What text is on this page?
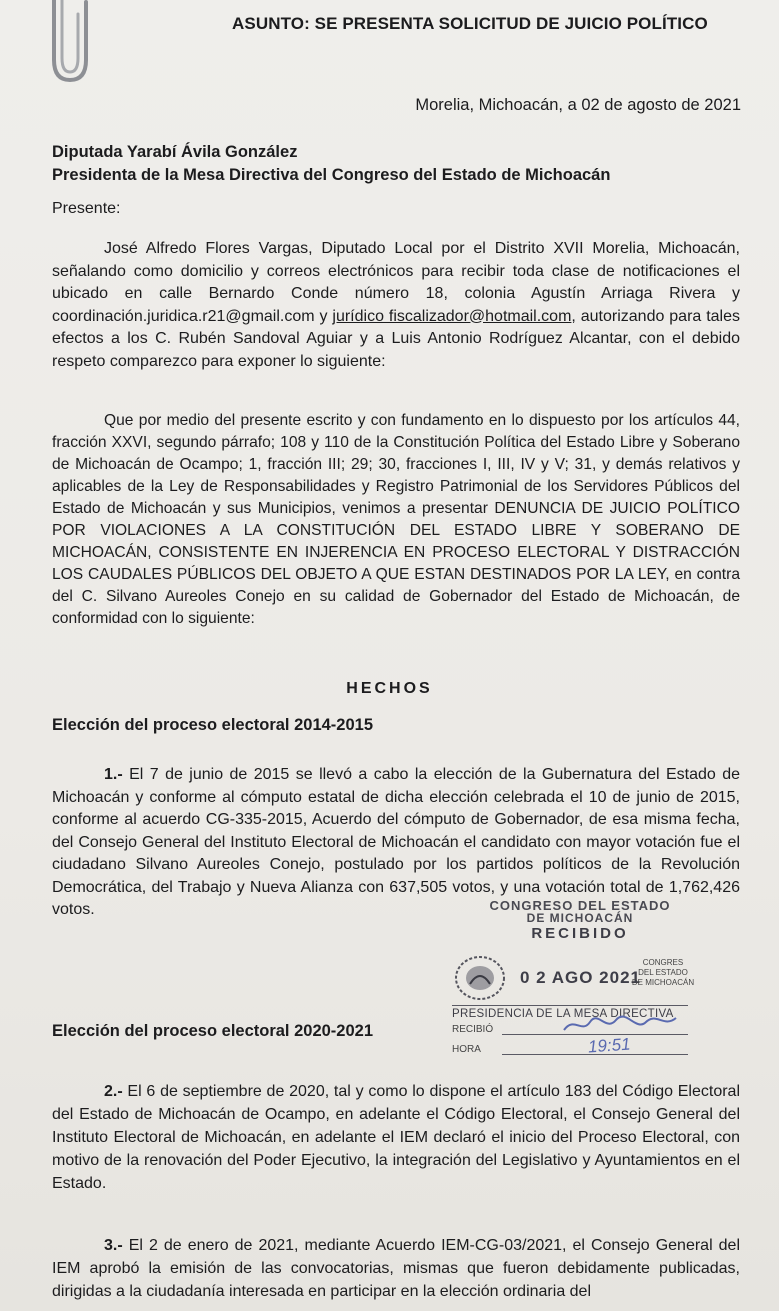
ASUNTO: SE PRESENTA SOLICITUD DE JUICIO POLÍTICO
Morelia, Michoacán, a 02 de agosto de 2021
Diputada Yarabí Ávila González
Presidenta de la Mesa Directiva del Congreso del Estado de Michoacán
Presente:
José Alfredo Flores Vargas, Diputado Local por el Distrito XVII Morelia, Michoacán, señalando como domicilio y correos electrónicos para recibir toda clase de notificaciones el ubicado en calle Bernardo Conde número 18, colonia Agustín Arriaga Rivera y coordinación.juridica.r21@gmail.com y jurídico fiscalizador@hotmail.com, autorizando para tales efectos a los C. Rubén Sandoval Aguiar y a Luis Antonio Rodríguez Alcantar, con el debido respeto comparezco para exponer lo siguiente:
Que por medio del presente escrito y con fundamento en lo dispuesto por los artículos 44, fracción XXVI, segundo párrafo; 108 y 110 de la Constitución Política del Estado Libre y Soberano de Michoacán de Ocampo; 1, fracción III; 29; 30, fracciones I, III, IV y V; 31, y demás relativos y aplicables de la Ley de Responsabilidades y Registro Patrimonial de los Servidores Públicos del Estado de Michoacán y sus Municipios, venimos a presentar DENUNCIA DE JUICIO POLÍTICO POR VIOLACIONES A LA CONSTITUCIÓN DEL ESTADO LIBRE Y SOBERANO DE MICHOACÁN, CONSISTENTE EN INJERENCIA EN PROCESO ELECTORAL Y DISTRACCIÓN LOS CAUDALES PÚBLICOS DEL OBJETO A QUE ESTAN DESTINADOS POR LA LEY, en contra del C. Silvano Aureoles Conejo en su calidad de Gobernador del Estado de Michoacán, de conformidad con lo siguiente:
HECHOS
Elección del proceso electoral 2014-2015
1.- El 7 de junio de 2015 se llevó a cabo la elección de la Gubernatura del Estado de Michoacán y conforme al cómputo estatal de dicha elección celebrada el 10 de junio de 2015, conforme al acuerdo CG-335-2015, Acuerdo del cómputo de Gobernador, de esa misma fecha, del Consejo General del Instituto Electoral de Michoacán el candidato con mayor votación fue el ciudadano Silvano Aureoles Conejo, postulado por los partidos políticos de la Revolución Democrática, del Trabajo y Nueva Alianza con 637,505 votos, y una votación total de 1,762,426 votos.	CONGRESO DEL ESTADO
DE MICHOACÁN
RECIBIDO
0 2 AGO 2021
CONGRES
DEL ESTADO
DE MICHOACÁN
PRESIDENCIA DE LA MESA DIRECTIVA
RECIBIÓ
HORA	19:51
Elección del proceso electoral 2020-2021
2.- El 6 de septiembre de 2020, tal y como lo dispone el artículo 183 del Código Electoral del Estado de Michoacán de Ocampo, en adelante el Código Electoral, el Consejo General del Instituto Electoral de Michoacán, en adelante el IEM declaró el inicio del Proceso Electoral, con motivo de la renovación del Poder Ejecutivo, la integración del Legislativo y Ayuntamientos en el Estado.
3.- El 2 de enero de 2021, mediante Acuerdo IEM-CG-03/2021, el Consejo General del IEM aprobó la emisión de las convocatorias, mismas que fueron debidamente publicadas, dirigidas a la ciudadanía interesada en participar en la elección ordinaria del
